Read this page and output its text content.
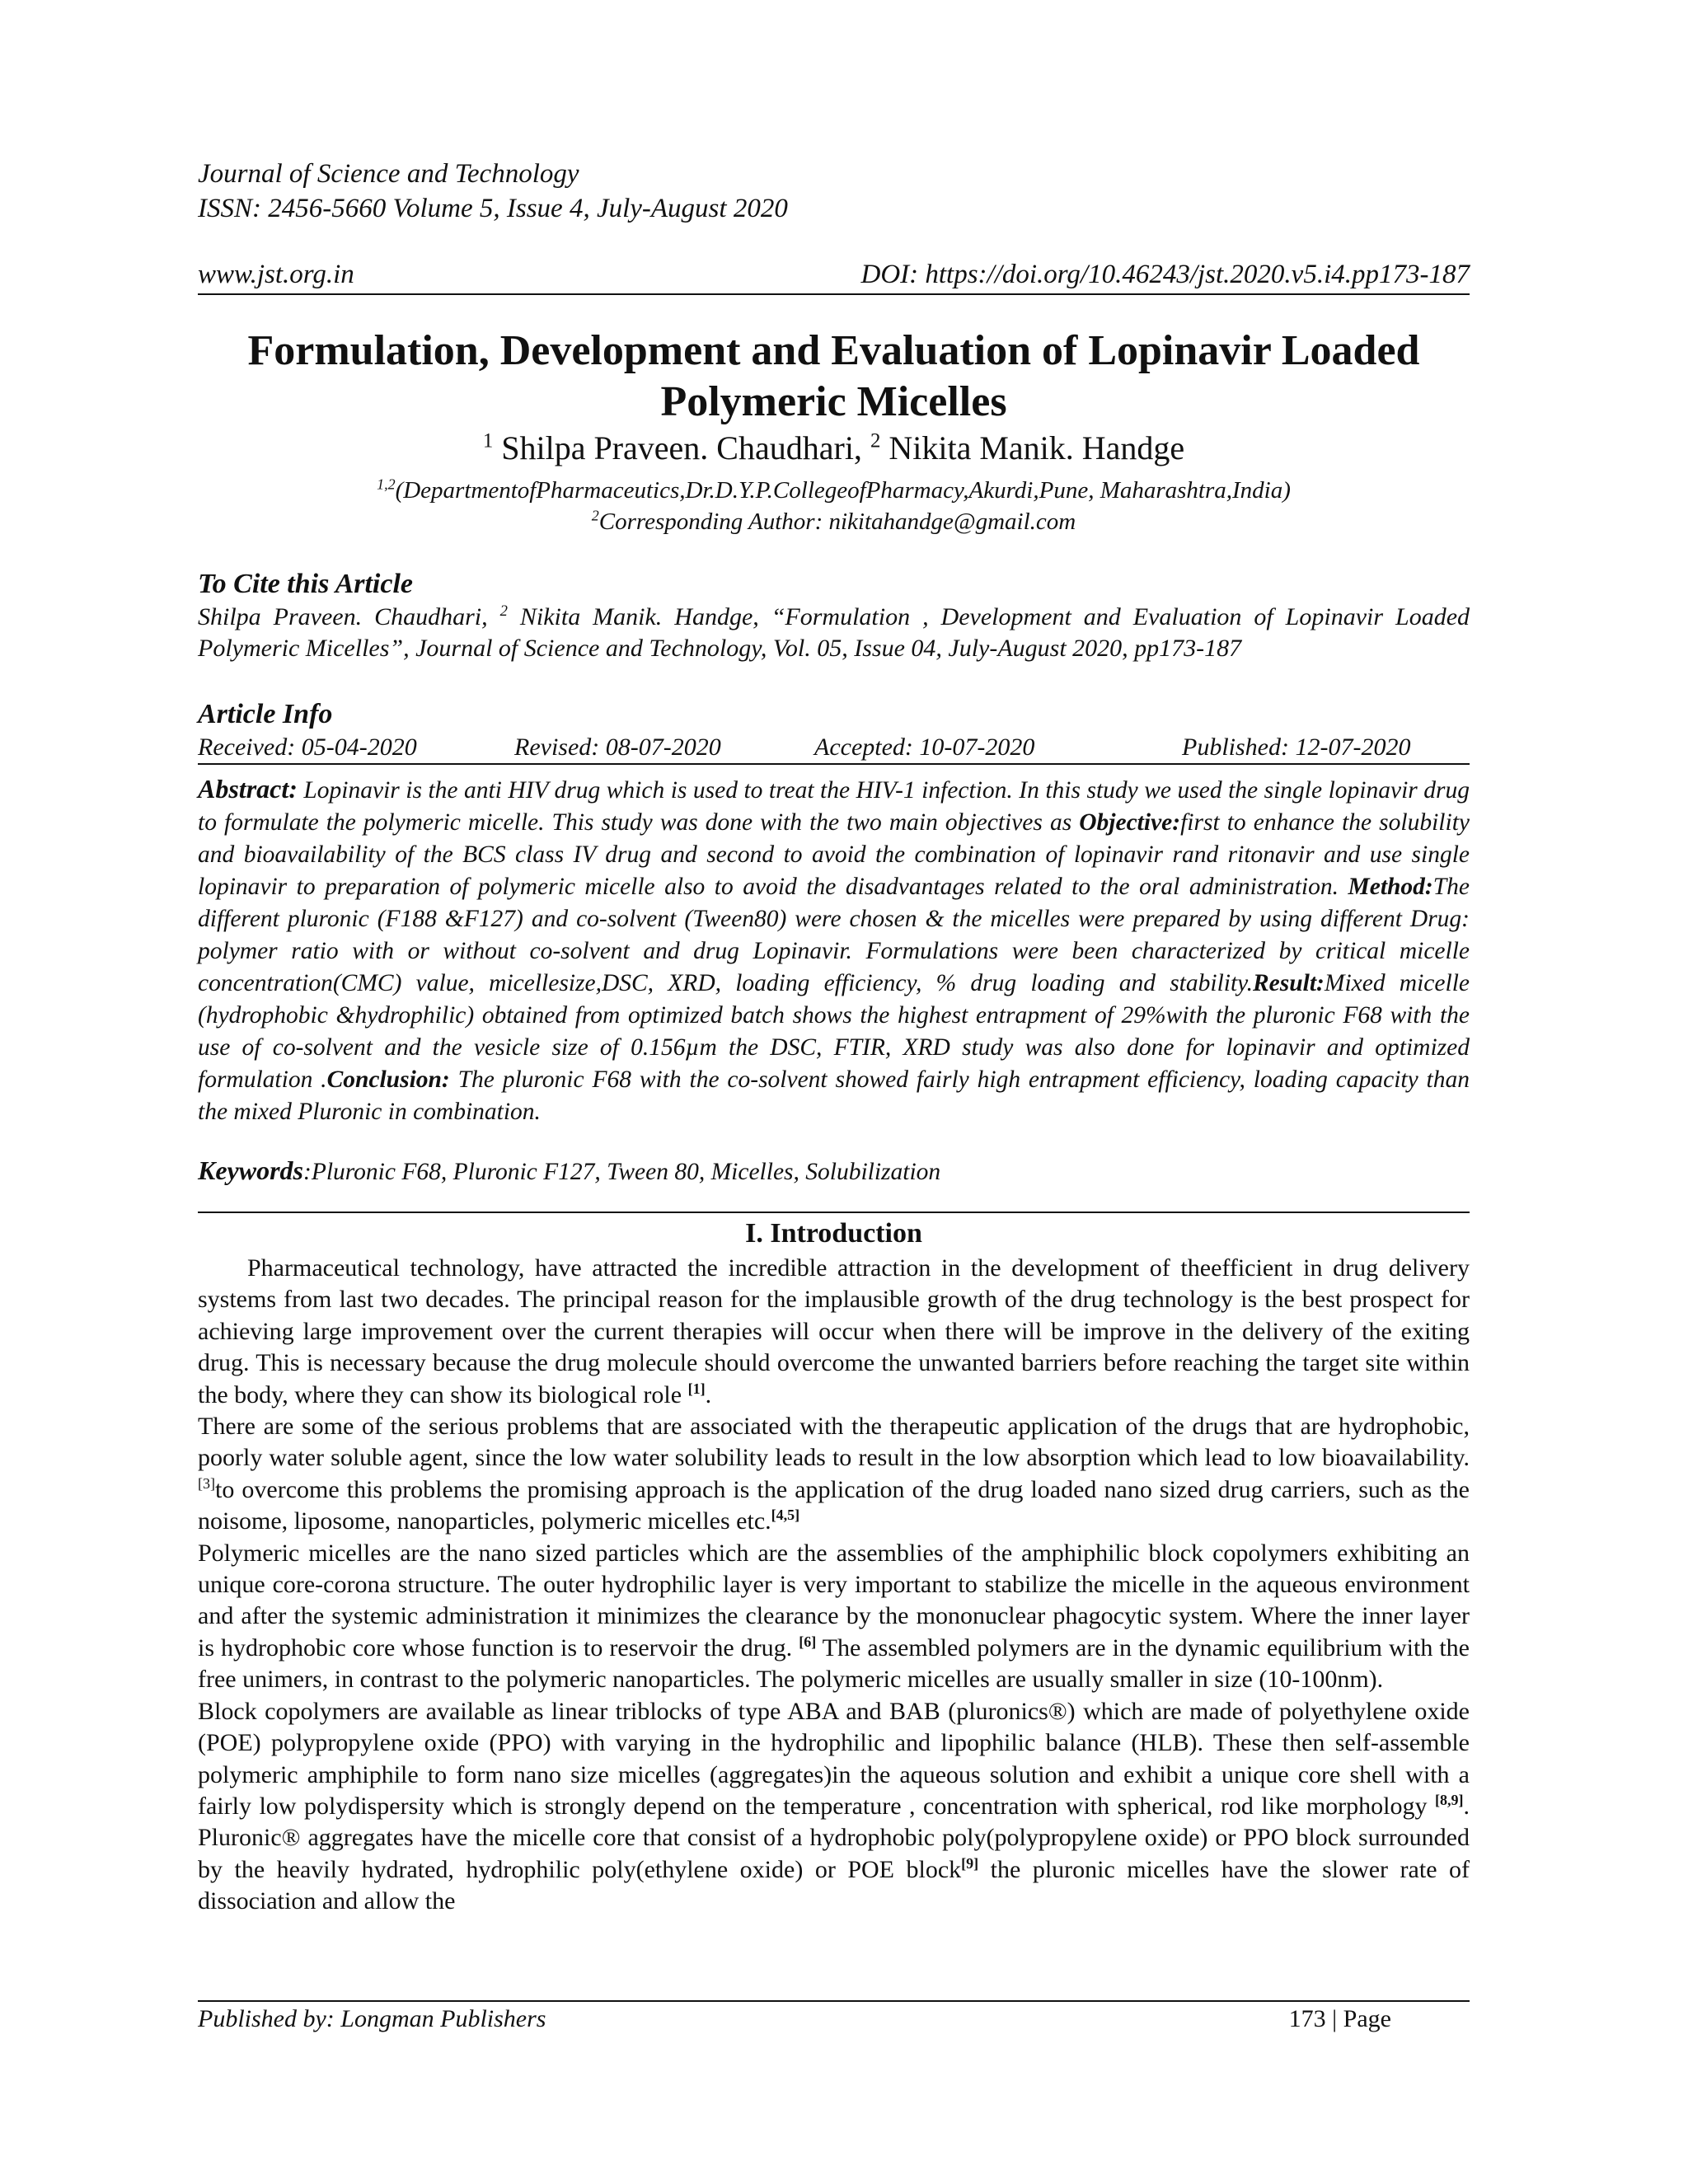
Journal of Science and Technology
ISSN: 2456-5660 Volume 5, Issue 4, July-August 2020
www.jst.org.in	DOI: https://doi.org/10.46243/jst.2020.v5.i4.pp173-187
Formulation, Development and Evaluation of Lopinavir Loaded
Polymeric Micelles
$^1$ Shilpa Praveen. Chaudhari, $^2$ Nikita Manik. Handge
$^{1,2}$(DepartmentofPharmaceutics,Dr.D.Y.P.CollegeofPharmacy,Akurdi,Pune, Maharashtra,India)
$^2$Corresponding Author: nikitahandge@gmail.com
To Cite this Article
Shilpa Praveen. Chaudhari, $^2$ Nikita Manik. Handge, “Formulation , Development and Evaluation of Lopinavir Loaded Polymeric Micelles”, Journal of Science and Technology, Vol. 05, Issue 04, July-August 2020, pp173-187
Article Info
Received: 05-04-2020	Revised: 08-07-2020	Accepted: 10-07-2020	Published: 12-07-2020
Abstract: Lopinavir is the anti HIV drug which is used to treat the HIV-1 infection. In this study we used the single lopinavir drug to formulate the polymeric micelle. This study was done with the two main objectives as Objective:first to enhance the solubility and bioavailability of the BCS class IV drug and second to avoid the combination of lopinavir rand ritonavir and use single lopinavir to preparation of polymeric micelle also to avoid the disadvantages related to the oral administration. Method:The different pluronic (F188 &F127) and co-solvent (Tween80) were chosen & the micelles were prepared by using different Drug: polymer ratio with or without co-solvent and drug Lopinavir. Formulations were been characterized by critical micelle concentration(CMC) value, micellesize,DSC, XRD, loading efficiency, % drug loading and stability.Result:Mixed micelle (hydrophobic &hydrophilic) obtained from optimized batch shows the highest entrapment of 29%with the pluronic F68 with the use of co-solvent and the vesicle size of 0.156µm the DSC, FTIR, XRD study was also done for lopinavir and optimized formulation .Conclusion: The pluronic F68 with the co-solvent showed fairly high entrapment efficiency, loading capacity than the mixed Pluronic in combination.
Keywords:Pluronic F68, Pluronic F127, Tween 80, Micelles, Solubilization
I. Introduction

Pharmaceutical technology, have attracted the incredible attraction in the development of theefficient in drug delivery systems from last two decades. The principal reason for the implausible growth of the drug technology is the best prospect for achieving large improvement over the current therapies will occur when there will be improve in the delivery of the exiting drug. This is necessary because the drug molecule should overcome the unwanted barriers before reaching the target site within the body, where they can show its biological role [1].

There are some of the serious problems that are associated with the therapeutic application of the drugs that are hydrophobic, poorly water soluble agent, since the low water solubility leads to result in the low absorption which lead to low bioavailability.[3]to overcome this problems the promising approach is the application of the drug loaded nano sized drug carriers, such as the noisome, liposome, nanoparticles, polymeric micelles etc.[4,5]

Polymeric micelles are the nano sized particles which are the assemblies of the amphiphilic block copolymers exhibiting an unique core-corona structure. The outer hydrophilic layer is very important to stabilize the micelle in the aqueous environment and after the systemic administration it minimizes the clearance by the mononuclear phagocytic system. Where the inner layer is hydrophobic core whose function is to reservoir the drug. [6] The assembled polymers are in the dynamic equilibrium with the free unimers, in contrast to the polymeric nanoparticles. The polymeric micelles are usually smaller in size (10-100nm).

Block copolymers are available as linear triblocks of type ABA and BAB (pluronics®) which are made of polyethylene oxide (POE) polypropylene oxide (PPO) with varying in the hydrophilic and lipophilic balance (HLB). These then self-assemble polymeric amphiphile to form nano size micelles (aggregates)in the aqueous solution and exhibit a unique core shell with a fairly low polydispersity which is strongly depend on the temperature , concentration with spherical, rod like morphology [8,9]. Pluronic® aggregates have the micelle core that consist of a hydrophobic poly(polypropylene oxide) or PPO block surrounded by the heavily hydrated, hydrophilic poly(ethylene oxide) or POE block[9] the pluronic micelles have the slower rate of dissociation and allow the

Published by: Longman Publishers	173 | Page
